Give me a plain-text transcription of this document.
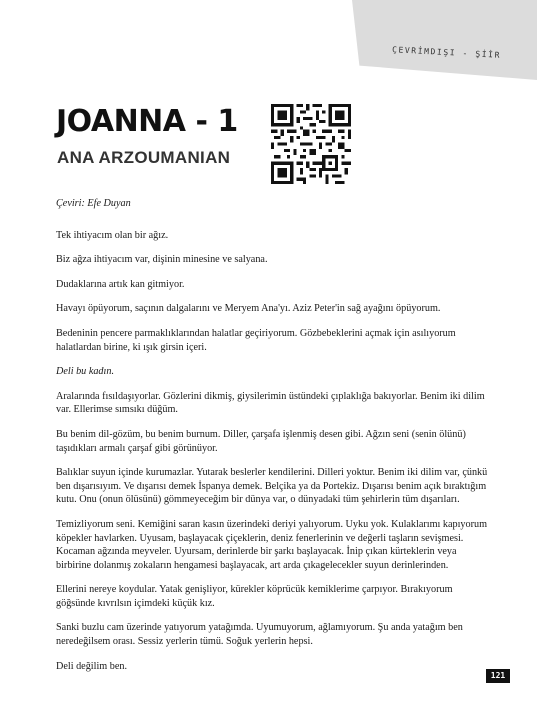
ÇEVRİMDIŞI - ŞİİR
JOANNA - 1
ANA ARZOUMANIAN

Çeviri: Efe Duyan

Tek ihtiyacım olan bir ağız.

Biz ağza ihtiyacım var, dişinin minesine ve salyana.

Dudaklarına artık kan gitmiyor.

Havayı öpüyorum, saçının dalgalarını ve Meryem Ana'yı. Aziz Peter'in sağ ayağını öpüyorum.

Bedeninin pencere parmaklıklarından halatlar geçiriyorum. Gözbebeklerini açmak için asılıyorum halatlardan birine, ki ışık girsin içeri.

Deli bu kadın.

Aralarında fısıldaşıyorlar. Gözlerini dikmiş, giysilerimin üstündeki çıplaklığa bakıyorlar. Benim iki dilim var. Ellerimse sımsıkı düğüm.

Bu benim dil-gözüm, bu benim burnum. Diller, çarşafa işlenmiş desen gibi. Ağzın seni (senin ölünü) taşıdıkları armalı çarşaf gibi görünüyor.

Balıklar suyun içinde kurumazlar. Yutarak beslerler kendilerini. Dilleri yoktur. Benim iki dilim var, çünkü ben dışarısıyım. Ve dışarısı demek İspanya demek. Belçika ya da Portekiz. Dışarısı benim açık bıraktığım kutu. Onu (onun ölüsünü) gömmeyeceğim bir dünya var, o dünyadaki tüm şehirlerin tüm dışarıları.

Temizliyorum seni. Kemiğini saran kasın üzerindeki deriyi yalıyorum. Uyku yok. Kulaklarımı kapıyorum köpekler havlarken. Uyusam, başlayacak çiçeklerin, deniz fenerlerinin ve değerli taşların sevişmesi. Kocaman ağzında meyveler. Uyursam, derinlerde bir şarkı başlayacak. İnip çıkan kürteklerin veya birbirine dolanmış zokaların hengamesi başlayacak, art arda çıkagelecekler suyun derinlerinden.

Ellerini nereye koydular. Yatak genişliyor, kürekler köprücük kemiklerime çarpıyor. Bırakıyorum göğsünde kıvrılsın içimdeki küçük kız.

Sanki buzlu cam üzerinde yatıyorum yatağımda. Uyumuyorum, ağlamıyorum. Şu anda yatağım ben neredeğilsem orası. Sessiz yerlerin tümü. Soğuk yerlerin hepsi.

Deli değilim ben.

121
